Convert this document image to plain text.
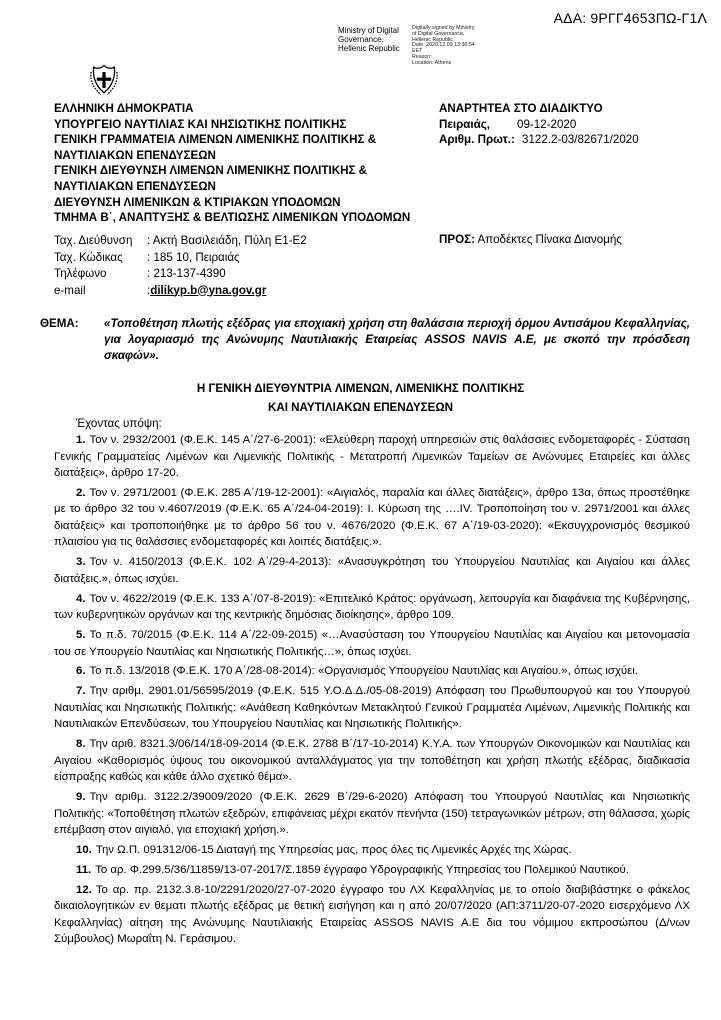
ΑΔΑ: 9ΡΓΓ4653ΠΩ-Γ1Λ
Ministry of Digital
Governance,
Hellenic Republic
Digitally signed by Ministry
of Digital Governance,
Hellenic Republic
Date: 2020.12.09 13:36:54
EET
Reason:
Location: Athens
ΕΛΛΗΝΙΚΗ ΔΗΜΟΚΡΑΤΙΑ
ΥΠΟΥΡΓΕΙΟ ΝΑΥΤΙΛΙΑΣ ΚΑΙ ΝΗΣΙΩΤΙΚΗΣ ΠΟΛΙΤΙΚΗΣ
ΓΕΝΙΚΗ ΓΡΑΜΜΑΤΕΙΑ ΛΙΜΕΝΩΝ ΛΙΜΕΝΙΚΗΣ ΠΟΛΙΤΙΚΗΣ &
ΝΑΥΤΙΛΙΑΚΩΝ ΕΠΕΝΔΥΣΕΩΝ
ΓΕΝΙΚΗ ΔΙΕΥΘΥΝΣΗ ΛΙΜΕΝΩΝ ΛΙΜΕΝΙΚΗΣ ΠΟΛΙΤΙΚΗΣ &
ΝΑΥΤΙΛΙΑΚΩΝ ΕΠΕΝΔΥΣΕΩΝ
ΔΙΕΥΘΥΝΣΗ ΛΙΜΕΝΙΚΩΝ & ΚΤΙΡΙΑΚΩΝ ΥΠΟΔΟΜΩΝ
ΤΜΗΜΑ Β΄, ΑΝΑΠΤΥΞΗΣ & ΒΕΛΤΙΩΣΗΣ ΛΙΜΕΝΙΚΩΝ ΥΠΟΔΟΜΩΝ
Ταχ. Διεύθυνση	: Ακτή Βασιλειάδη, Πύλη Ε1-Ε2
Ταχ. Κώδικας	: 185 10, Πειραιάς
Τηλέφωνο	: 213-137-4390
e-mail	: dilikyp.b@yna.gov.gr
ΑΝΑΡΤΗΤΕΑ ΣΤΟ ΔΙΑΔΙΚΤΥΟ
Πειραιάς,	09-12-2020
Αριθμ. Πρωτ.: 3122.2-03/82671/2020
ΠΡΟΣ: Αποδέκτες Πίνακα Διανομής
ΘΕΜΑ:	«Τοποθέτηση πλωτής εξέδρας για εποχιακή χρήση στη θαλάσσια περιοχή όρμου Αντισάμου Κεφαλληνίας, για λογαριασμό της Ανώνυμης Ναυτιλιακής Εταιρείας ASSOS NAVIS Α.Ε, με σκοπό την πρόσδεση σκαφών».
Η ΓΕΝΙΚΗ ΔΙΕΥΘΥΝΤΡΙΑ ΛΙΜΕΝΩΝ, ΛΙΜΕΝΙΚΗΣ ΠΟΛΙΤΙΚΗΣ
ΚΑΙ ΝΑΥΤΙΛΙΑΚΩΝ ΕΠΕΝΔΥΣΕΩΝ
Έχοντας υπόψη:
1. Τον ν. 2932/2001 (Φ.Ε.Κ. 145 Α΄/27-6-2001): «Ελεύθερη παροχή υπηρεσιών στις θαλάσσιες ενδομεταφορές - Σύσταση Γενικής Γραμματείας Λιμένων και Λιμενικής Πολιτικής - Μετατροπή Λιμενικών Ταμείων σε Ανώνυμες Εταιρείες και άλλες διατάξεις», άρθρο 17-20.
2. Τον ν. 2971/2001 (Φ.Ε.Κ. 285 Α΄/19-12-2001): «Αιγιαλός, παραλία και άλλες διατάξεις», άρθρο 13α, όπως προστέθηκε με το άρθρο 32 του ν.4607/2019 (Φ.Ε.Κ. 65 Α΄/24-04-2019): Ι. Κύρωση της ….IV. Τροποποίηση του ν. 2971/2001 και άλλες διατάξεις» και τροποποιήθηκε με το άρθρο 56 του ν. 4676/2020 (Φ.Ε.Κ. 67 Α΄/19-03-2020): «Εκσυγχρονισμός θεσμικού πλαισίου για τις θαλάσσιες ενδομεταφορές και λοιπές διατάξεις.».
3. Τον ν. 4150/2013 (Φ.Ε.Κ. 102 Α΄/29-4-2013): «Ανασυγκρότηση του Υπουργείου Ναυτιλίας και Αιγαίου και άλλες διατάξεις.», όπως ισχύει.
4. Τον ν. 4622/2019 (Φ.Ε.Κ. 133 Α΄/07-8-2019): «Επιτελικό Κράτος: οργάνωση, λειτουργία και διαφάνεια της Κυβέρνησης, των κυβερνητικών οργάνων και της κεντρικής δημόσιας διοίκησης», άρθρο 109.
5. Το π.δ. 70/2015 (Φ.Ε.Κ. 114 Α΄/22-09-2015) «…Ανασύσταση του Υπουργείου Ναυτιλίας και Αιγαίου και μετονομασία του σε Υπουργείο Ναυτιλίας και Νησιωτικής Πολιτικής…», όπως ισχύει.
6. Το π.δ. 13/2018 (Φ.Ε.Κ. 170 Α΄/28-08-2014): «Οργανισμός Υπουργείου Ναυτιλίας και Αιγαίου.», όπως ισχύει.
7. Την αριθμ. 2901.01/56595/2019 (Φ.Ε.Κ. 515 Υ.Ο.Δ.Δ./05-08-2019) Απόφαση του Πρωθυπουργού και του Υπουργού Ναυτιλίας και Νησιωτικής Πολιτικής: «Ανάθεση Καθηκόντων Μετακλητού Γενικού Γραμματέα Λιμένων, Λιμενικής Πολιτικής και Ναυτιλιακών Επενδύσεων, του Υπουργείου Ναυτιλίας και Νησιωτικής Πολιτικής».
8. Την αριθ. 8321.3/06/14/18-09-2014 (Φ.Ε.Κ. 2788 Β΄/17-10-2014) Κ.Υ.Α. των Υπουργών Οικονομικών και Ναυτιλίας και Αιγαίου «Καθορισμός ύψους του οικονομικού ανταλλάγματος για την τοποθέτηση και χρήση πλωτής εξέδρας, διαδικασία είσπραξης καθώς και κάθε άλλο σχετικό θέμα».
9. Την αριθμ. 3122.2/39009/2020 (Φ.Ε.Κ. 2629 Β΄/29-6-2020) Απόφαση του Υπουργού Ναυτιλίας και Νησιωτικής Πολιτικής: «Τοποθέτηση πλωτών εξεδρών, επιφάνειας μέχρι εκατόν πενήντα (150) τετραγωνικών μέτρων, στη θάλασσα, χωρίς επέμβαση στον αιγιαλό, για εποχιακή χρήση.».
10. Την Ω.Π. 091312/06-15 Διαταγή της Υπηρεσίας μας, προς όλες τις Λιμενικές Αρχές της Χώρας.
11. Το αρ. Φ.299.5/36/11859/13-07-2017/Σ.1859 έγγραφο Υδρογραφικής Υπηρεσίας του Πολεμικού Ναυτικού.
12. Το αρ. πρ. 2132.3.8-10/2291/2020/27-07-2020 έγγραφο του ΛΧ Κεφαλληνίας με το οποίο διαβιβάστηκε ο φάκελος δικαιολογητικών εν θεματι πλωτής εξέδρας με θετική εισήγηση και η από 20/07/2020 (ΑΠ:3711/20-07-2020 εισερχόμενο ΛΧ Κεφαλληνίας) αίτηση της Ανώνυμης Ναυτιλιακής Εταιρείας ASSOS NAVIS Α.Ε δια του νόμιμου εκπροσώπου (Δ/νων Σύμβουλος) Μωραΐτη Ν. Γεράσιμου.
